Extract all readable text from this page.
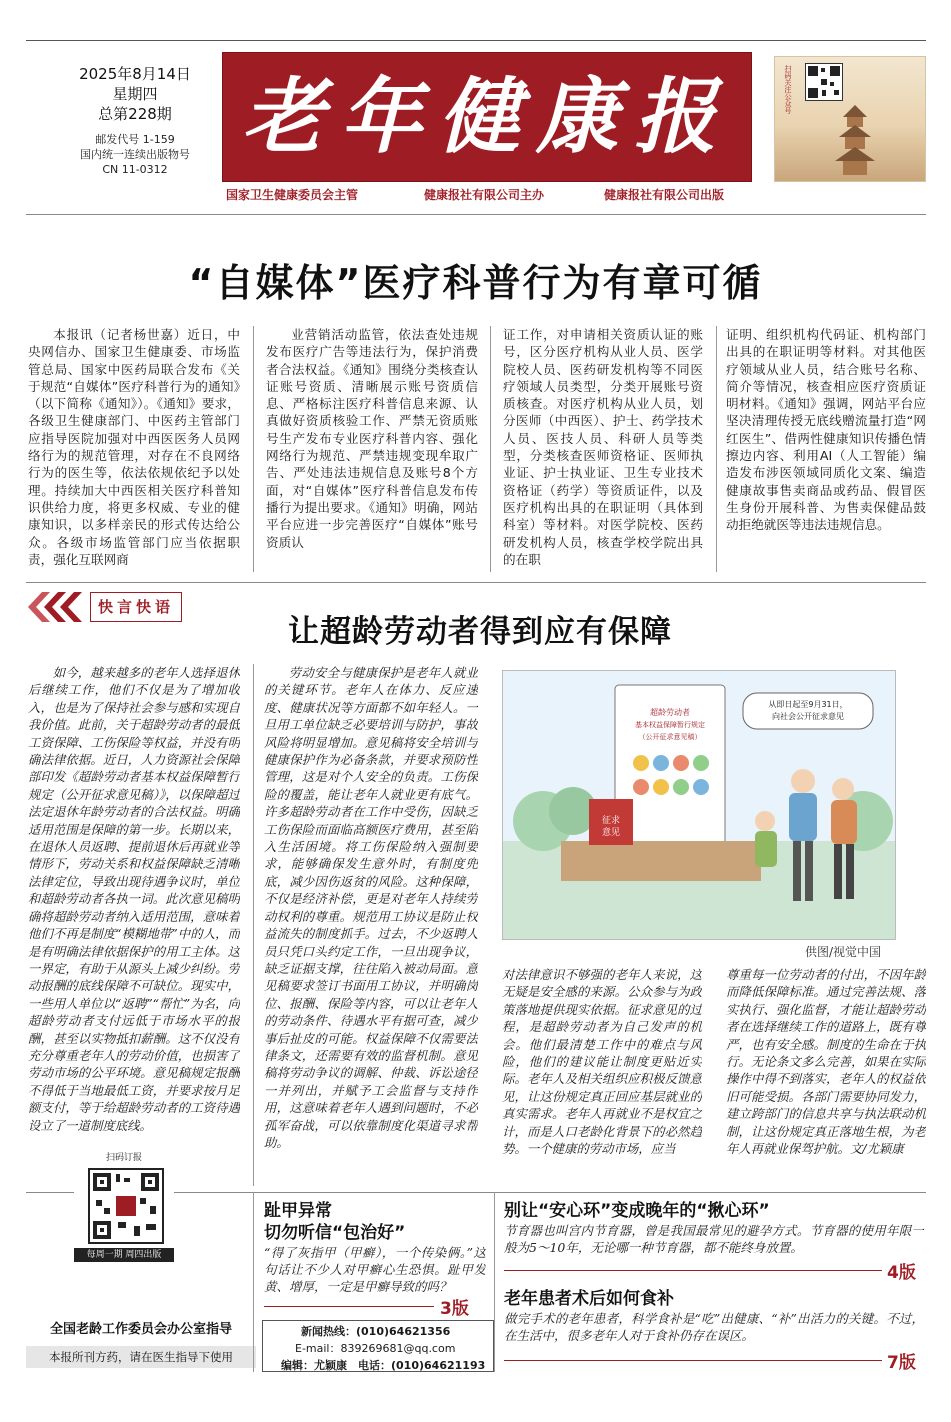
2025年8月14日
星期四
总第228期
邮发代号 1-159
国内统一连续出版物号
CN 11-0312
老年健康报
国家卫生健康委员会主管	健康报社有限公司主办	健康报社有限公司出版
扫码关注公众号
“自媒体”医疗科普行为有章可循

本报讯（记者杨世嘉）近日，中央网信办、国家卫生健康委、市场监管总局、国家中医药局联合发布《关于规范“自媒体”医疗科普行为的通知》（以下简称《通知》）。《通知》要求，各级卫生健康部门、中医药主管部门应指导医院加强对中西医医务人员网络行为的规范管理，对存在不良网络行为的医生等，依法依规依纪予以处理。持续加大中西医相关医疗科普知识供给力度，将更多权威、专业的健康知识，以多样亲民的形式传达给公众。各级市场监管部门应当依据职责，强化互联网商

业营销活动监管，依法查处违规发布医疗广告等违法行为，保护消费者合法权益。《通知》围绕分类核查认证账号资质、清晰展示账号资质信息、严格标注医疗科普信息来源、认真做好资质核验工作、严禁无资质账号生产发布专业医疗科普内容、强化网络行为规范、严禁违规变现牟取广告、严处违法违规信息及账号8个方面，对“自媒体”医疗科普信息发布传播行为提出要求。《通知》明确，网站平台应进一步完善医疗“自媒体”账号资质认

证工作，对申请相关资质认证的账号，区分医疗机构从业人员、医学院校人员、医药研发机构等不同医疗领域人员类型，分类开展账号资质核查。对医疗机构从业人员，划分医师（中西医）、护士、药学技术人员、医技人员、科研人员等类型，分类核查医师资格证、医师执业证、护士执业证、卫生专业技术资格证（药学）等资质证件，以及医疗机构出具的在职证明（具体到科室）等材料。对医学院校、医药研发机构人员，核查学校学院出具的在职

证明、组织机构代码证、机构部门出具的在职证明等材料。对其他医疗领域从业人员，结合账号名称、简介等情况，核查相应医疗资质证明材料。《通知》强调，网站平台应坚决清理传授无底线赠流量打造“网红医生”、借两性健康知识传播色情擦边内容、利用AI（人工智能）编造发布涉医领域同质化文案、编造健康故事售卖商品或药品、假冒医生身份开展科普、为售卖保健品鼓动拒绝就医等违法违规信息。

快言快语
让超龄劳动者得到应有保障

如今，越来越多的老年人选择退休后继续工作，他们不仅是为了增加收入，也是为了保持社会参与感和实现自我价值。此前，关于超龄劳动者的最低工资保障、工伤保险等权益，并没有明确法律依据。近日，人力资源社会保障部印发《超龄劳动者基本权益保障暂行规定（公开征求意见稿）》，以保障超过法定退休年龄劳动者的合法权益。明确适用范围是保障的第一步。长期以来，在退休人员返聘、提前退休后再就业等情形下，劳动关系和权益保障缺乏清晰法律定位，导致出现待遇争议时，单位和超龄劳动者各执一词。此次意见稿明确将超龄劳动者纳入适用范围，意味着他们不再是制度“模糊地带”中的人，而是有明确法律依据保护的用工主体。这一界定，有助于从源头上减少纠纷。劳动报酬的底线保障不可缺位。现实中，一些用人单位以“返聘”“帮忙”为名，向超龄劳动者支付远低于市场水平的报酬，甚至以实物抵扣薪酬。这不仅没有充分尊重老年人的劳动价值，也损害了劳动市场的公平环境。意见稿规定报酬不得低于当地最低工资，并要求按月足额支付，等于给超龄劳动者的工资待遇设立了一道制度底线。

劳动安全与健康保护是老年人就业的关键环节。老年人在体力、反应速度、健康状况等方面都不如年轻人。一旦用工单位缺乏必要培训与防护，事故风险将明显增加。意见稿将安全培训与健康保护作为必备条款，并要求预防性管理，这是对个人安全的负责。工伤保险的覆盖，能让老年人就业更有底气。许多超龄劳动者在工作中受伤，因缺乏工伤保险而面临高额医疗费用，甚至陷入生活困境。将工伤保险纳入强制要求，能够确保发生意外时，有制度兜底，减少因伤返贫的风险。这种保障，不仅是经济补偿，更是对老年人持续劳动权利的尊重。规范用工协议是防止权益流失的制度抓手。过去，不少返聘人员只凭口头约定工作，一旦出现争议，缺乏证据支撑，往往陷入被动局面。意见稿要求签订书面用工协议，并明确岗位、报酬、保险等内容，可以让老年人的劳动条件、待遇水平有据可查，减少事后扯皮的可能。权益保障不仅需要法律条文，还需要有效的监督机制。意见稿将劳动争议的调解、仲裁、诉讼途径一并列出，并赋予工会监督与支持作用，这意味着老年人遇到问题时，不必孤军奋战，可以依靠制度化渠道寻求帮助。

对法律意识不够强的老年人来说，这无疑是安全感的来源。公众参与为政策落地提供现实依据。征求意见的过程，是超龄劳动者为自己发声的机会。他们最清楚工作中的难点与风险，他们的建议能让制度更贴近实际。老年人及相关组织应积极反馈意见，让这份规定真正回应基层就业的真实需求。老年人再就业不是权宜之计，而是人口老龄化背景下的必然趋势。一个健康的劳动市场，应当

尊重每一位劳动者的付出，不因年龄而降低保障标准。通过完善法规、落实执行、强化监督，才能让超龄劳动者在选择继续工作的道路上，既有尊严，也有安全感。制度的生命在于执行。无论条文多么完善，如果在实际操作中得不到落实，老年人的权益依旧可能受损。各部门需要协同发力，建立跨部门的信息共享与执法联动机制，让这份规定真正落地生根，为老年人再就业保驾护航。文/尤颖康

超龄劳动者
基本权益保障暂行规定
（公开征求意见稿）
从即日起至9月31日，
向社会公开征求意见
征求
意见
供图/视觉中国
扫码订报
每周一期 周四出版
全国老龄工作委员会办公室指导
本报所刊方药，请在医生指导下使用
趾甲异常
切勿听信“包治好”
“得了灰指甲（甲癣），一个传染俩。”这句话让不少人对甲癣心生恐惧。趾甲发黄、增厚，一定是甲癣导致的吗？
3版
别让“安心环”变成晚年的“揪心环”
节育器也叫宫内节育器，曾是我国最常见的避孕方式。节育器的使用年限一般为5～10年，无论哪一种节育器，都不能终身放置。
4版
老年患者术后如何食补
做完手术的老年患者，科学食补是“吃”出健康、“补”出活力的关键。不过，在生活中，很多老年人对于食补仍存在误区。
7版
新闻热线：(010)64621356
E-mail：839269681@qq.com
编辑：尤颖康　电话：(010)64621193
